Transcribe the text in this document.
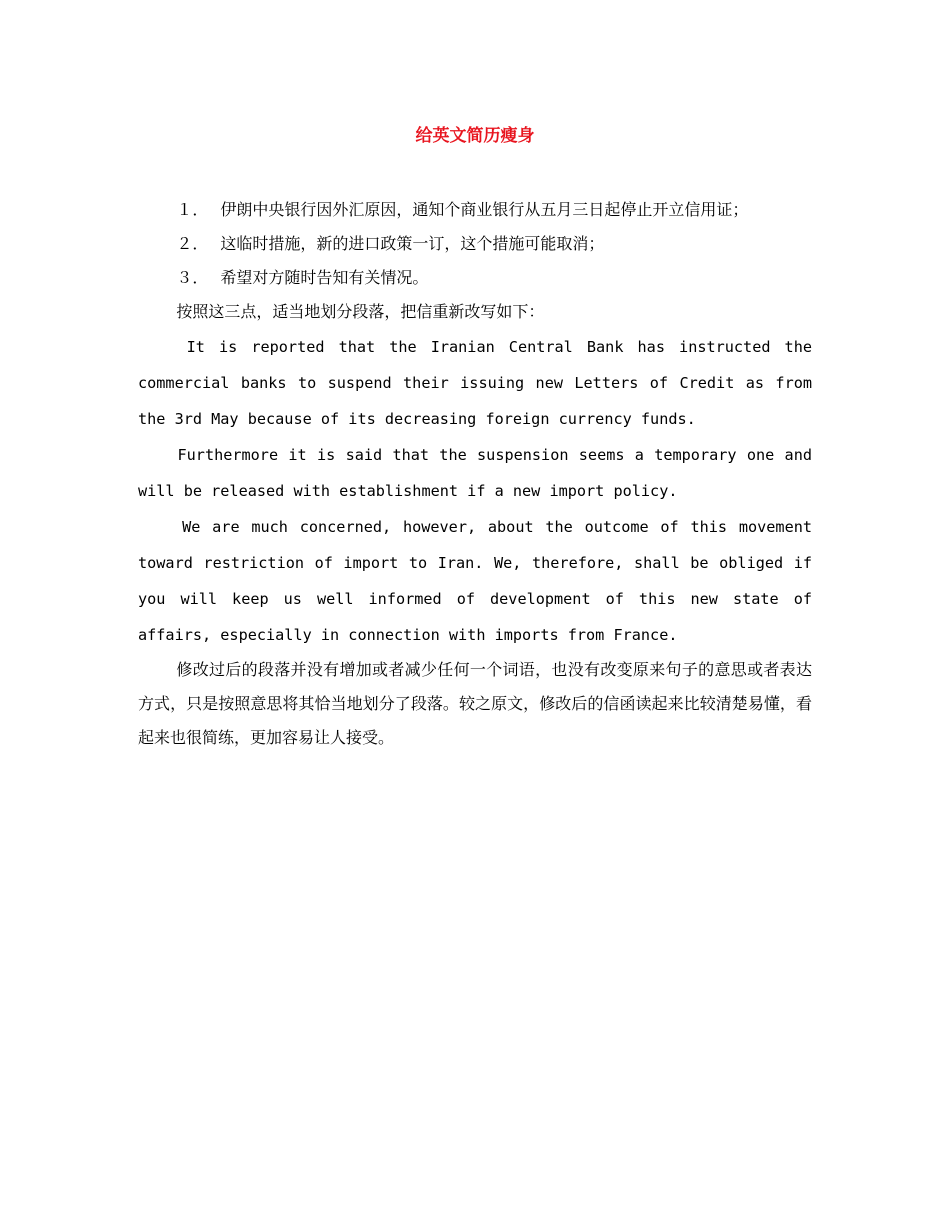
给英文简历瘦身

１． 伊朗中央银行因外汇原因，通知个商业银行从五月三日起停止开立信用证；

２． 这临时措施，新的进口政策一订，这个措施可能取消；

３． 希望对方随时告知有关情况。

按照这三点，适当地划分段落，把信重新改写如下：

It is reported that the Iranian Central Bank has instructed the commercial banks to suspend their issuing new Letters of Credit as from the 3rd May because of its decreasing foreign currency funds.

Furthermore it is said that the suspension seems a temporary one and will be released with establishment if a new import policy.

We are much concerned, however, about the outcome of this movement toward restriction of import to Iran. We, therefore, shall be obliged if you will keep us well informed of development of this new state of affairs, especially in connection with imports from France.

修改过后的段落并没有增加或者减少任何一个词语，也没有改变原来句子的意思或者表达方式，只是按照意思将其恰当地划分了段落。较之原文，修改后的信函读起来比较清楚易懂，看起来也很简练，更加容易让人接受。
